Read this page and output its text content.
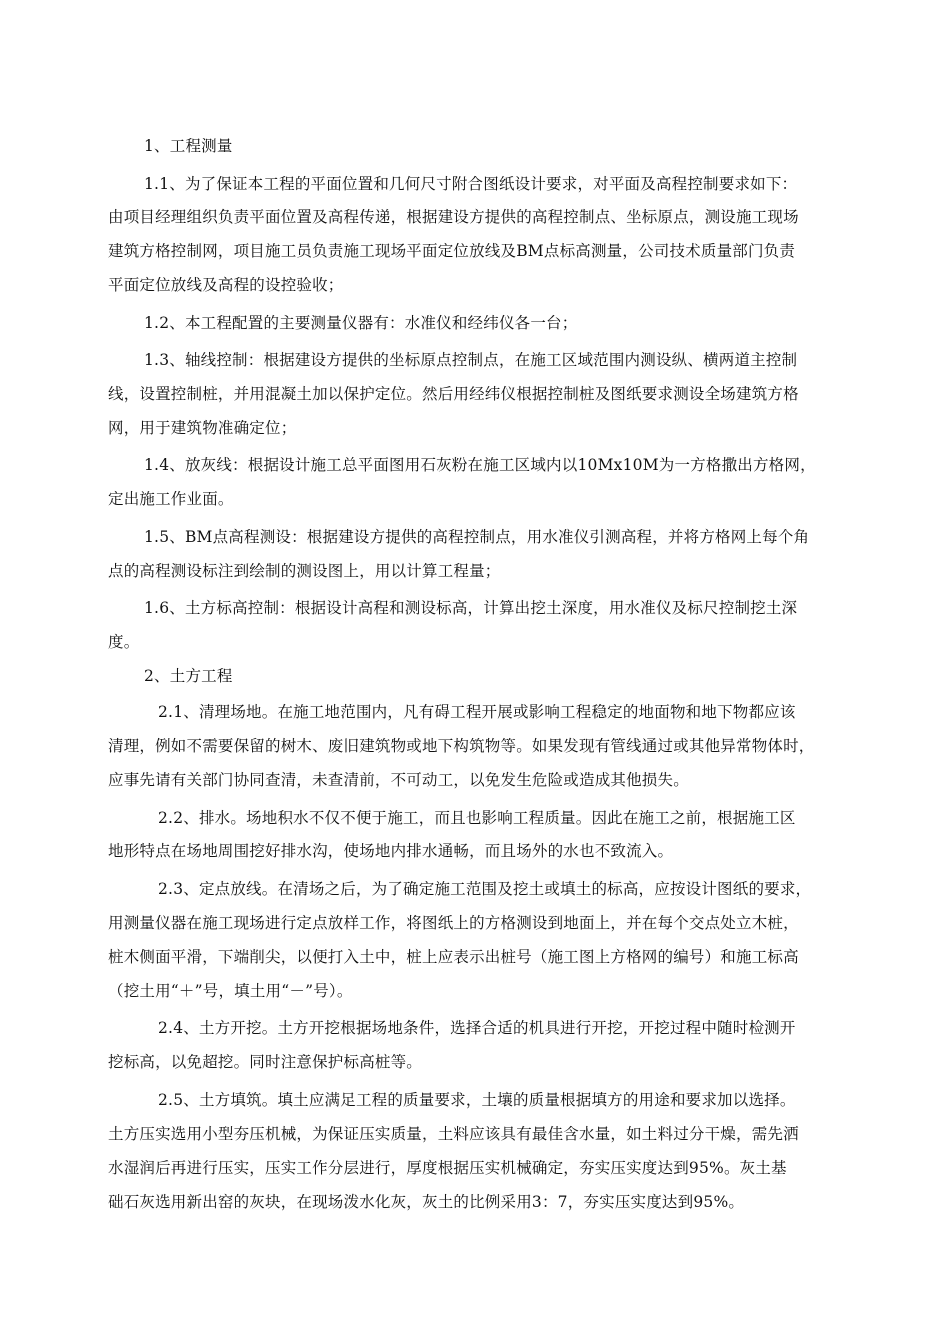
1、工程测量
1.1、为了保证本工程的平面位置和几何尺寸附合图纸设计要求，对平面及高程控制要求如下：
由项目经理组织负责平面位置及高程传递，根据建设方提供的高程控制点、坐标原点，测设施工现场
建筑方格控制网，项目施工员负责施工现场平面定位放线及BM点标高测量，公司技术质量部门负责
平面定位放线及高程的设控验收；
1.2、本工程配置的主要测量仪器有：水准仪和经纬仪各一台；
1.3、轴线控制：根据建设方提供的坐标原点控制点，在施工区域范围内测设纵、横两道主控制
线，设置控制桩，并用混凝土加以保护定位。然后用经纬仪根据控制桩及图纸要求测设全场建筑方格
网，用于建筑物准确定位；
1.4、放灰线：根据设计施工总平面图用石灰粉在施工区域内以10Mx10M为一方格撒出方格网，
定出施工作业面。
1.5、BM点高程测设：根据建设方提供的高程控制点，用水准仪引测高程，并将方格网上每个角
点的高程测设标注到绘制的测设图上，用以计算工程量；
1.6、土方标高控制：根据设计高程和测设标高，计算出挖土深度，用水准仪及标尺控制挖土深
度。
2、土方工程
2.1、清理场地。在施工地范围内，凡有碍工程开展或影响工程稳定的地面物和地下物都应该
清理，例如不需要保留的树木、废旧建筑物或地下构筑物等。如果发现有管线通过或其他异常物体时，
应事先请有关部门协同查清，未查清前，不可动工，以免发生危险或造成其他损失。
2.2、排水。场地积水不仅不便于施工，而且也影响工程质量。因此在施工之前，根据施工区
地形特点在场地周围挖好排水沟，使场地内排水通畅，而且场外的水也不致流入。
2.3、定点放线。在清场之后，为了确定施工范围及挖土或填土的标高，应按设计图纸的要求，
用测量仪器在施工现场进行定点放样工作，将图纸上的方格测设到地面上，并在每个交点处立木桩，
桩木侧面平滑，下端削尖，以便打入土中，桩上应表示出桩号（施工图上方格网的编号）和施工标高
（挖土用“＋”号，填土用“－”号）。
2.4、土方开挖。土方开挖根据场地条件，选择合适的机具进行开挖，开挖过程中随时检测开
挖标高，以免超挖。同时注意保护标高桩等。
2.5、土方填筑。填土应满足工程的质量要求，土壤的质量根据填方的用途和要求加以选择。
土方压实选用小型夯压机械，为保证压实质量，土料应该具有最佳含水量，如土料过分干燥，需先洒
水湿润后再进行压实，压实工作分层进行，厚度根据压实机械确定，夯实压实度达到95%。灰土基
础石灰选用新出窑的灰块，在现场泼水化灰，灰土的比例采用3：7，夯实压实度达到95%。
